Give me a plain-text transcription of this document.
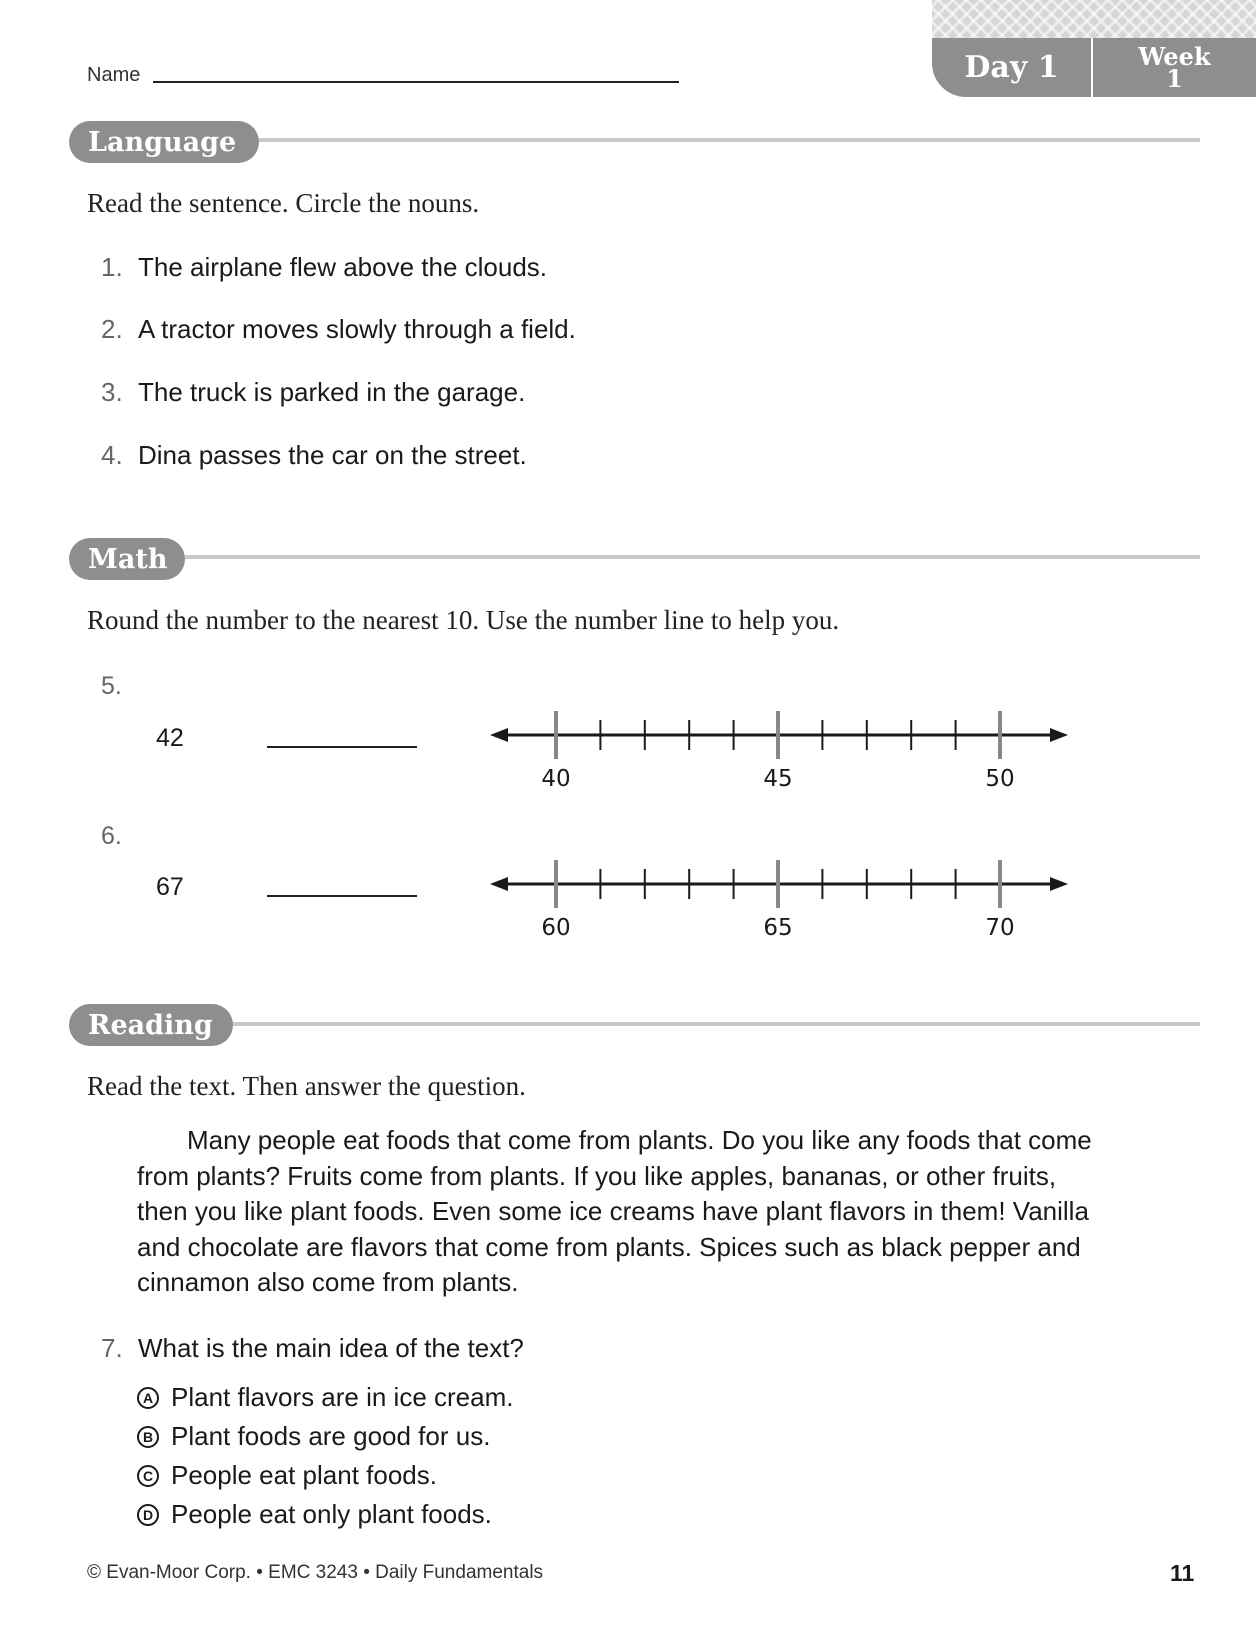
Day 1	Week
1
Name
Language
Read the sentence. Circle the nouns.
1. The airplane flew above the clouds.
2. A tractor moves slowly through a field.
3. The truck is parked in the garage.
4. Dina passes the car on the street.
Math
Round the number to the nearest 10. Use the number line to help you.
5.
42
40	45	50
6.
67
60	65	70
Reading
Read the text. Then answer the question.

Many people eat foods that come from plants. Do you like any foods that come from plants? Fruits come from plants. If you like apples, bananas, or other fruits, then you like plant foods. Even some ice creams have plant flavors in them! Vanilla and chocolate are flavors that come from plants. Spices such as black pepper and cinnamon also come from plants.

7. What is the main idea of the text?
A Plant flavors are in ice cream.
B Plant foods are good for us.
C People eat plant foods.
D People eat only plant foods.
© Evan-Moor Corp. • EMC 3243 • Daily Fundamentals	11
